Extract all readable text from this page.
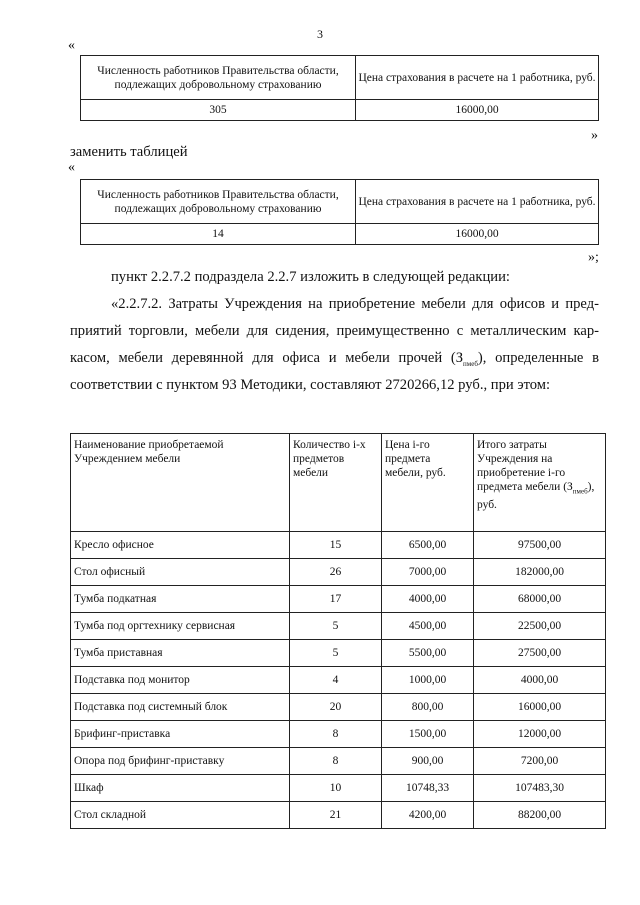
3
«
Численность работников Правительства области, подлежащих добровольному страхованию	Цена страхования в расчете на 1 работника, руб.
305	16000,00
»
заменить таблицей
«
Численность работников Правительства области, подлежащих добровольному страхованию	Цена страхования в расчете на 1 работника, руб.
14	16000,00
»;
пункт 2.2.7.2 подраздела 2.2.7 изложить в следующей редакции:
«2.2.7.2. Затраты Учреждения на приобретение мебели для офисов и пред-
приятий торговли, мебели для сидения, преимущественно с металлическим кар-
касом, мебели деревянной для офиса и мебели прочей $(З_{пмеб})$, определенные в
соответствии с пунктом 93 Методики, составляют 2720266,12 руб., при этом:
Наименование приобретаемой Учреждением мебели	Количество i-х предметов мебели	Цена i-го предмета мебели, руб.	Итого затраты Учреждения на приобретение i-го предмета мебели $(З_{пмеб})$, руб.
Кресло офисное	15	6500,00	97500,00
Стол офисный	26	7000,00	182000,00
Тумба подкатная	17	4000,00	68000,00
Тумба под оргтехнику сервисная	5	4500,00	22500,00
Тумба приставная	5	5500,00	27500,00
Подставка под монитор	4	1000,00	4000,00
Подставка под системный блок	20	800,00	16000,00
Брифинг-приставка	8	1500,00	12000,00
Опора под брифинг-приставку	8	900,00	7200,00
Шкаф	10	10748,33	107483,30
Стол складной	21	4200,00	88200,00
